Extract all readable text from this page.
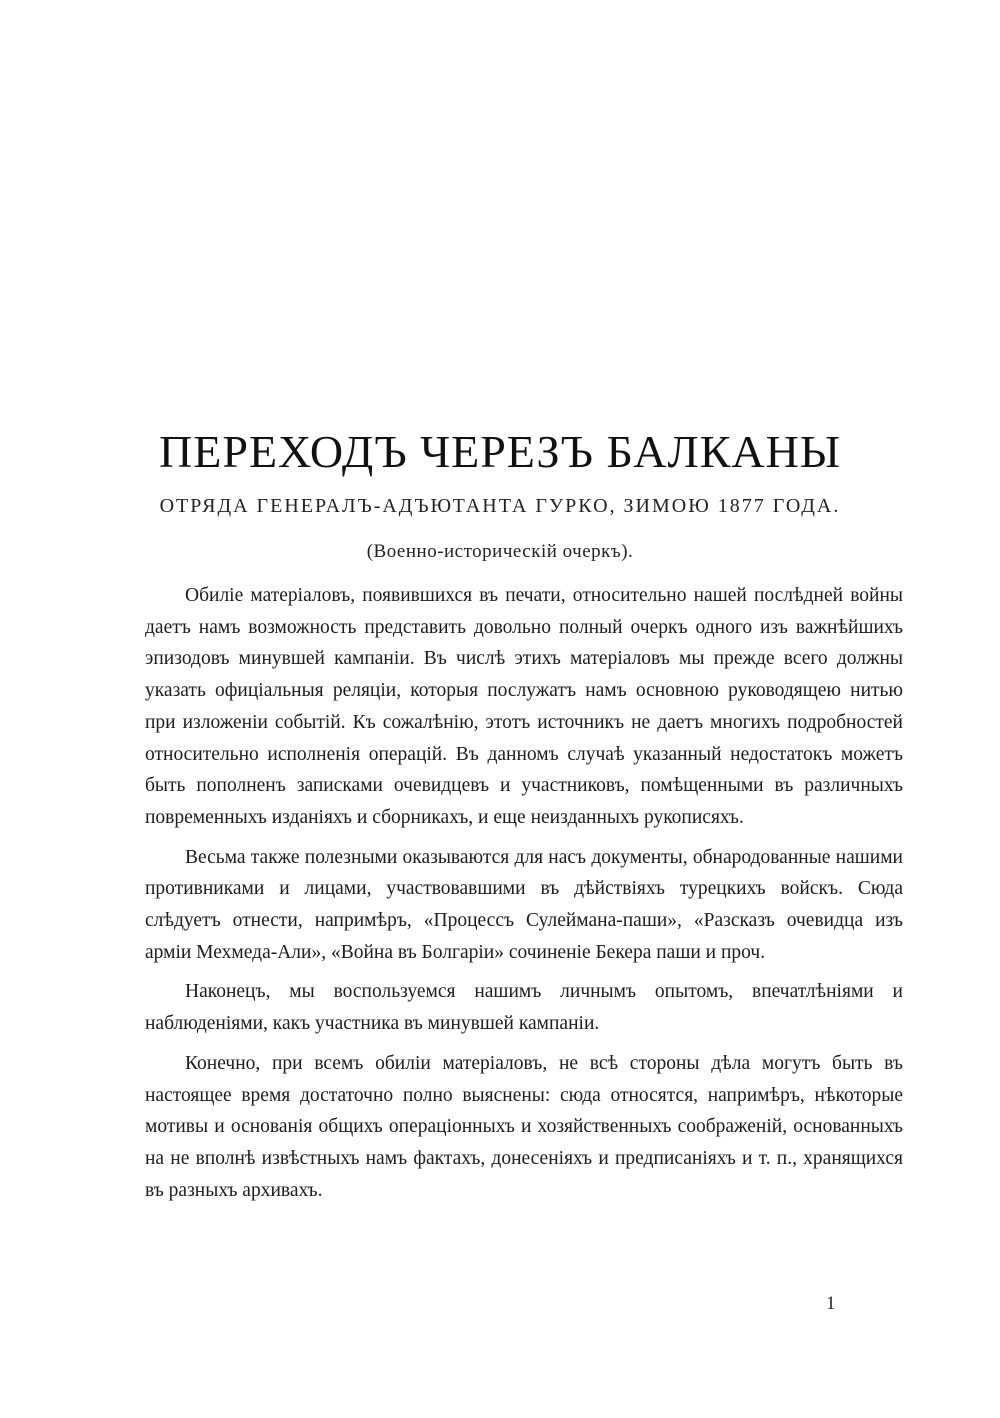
ПЕРЕХОДЪ ЧЕРЕЗЪ БАЛКАНЫ
ОТРЯДА ГЕНЕРАЛЪ-АДЪЮТАНТА ГУРКО, ЗИМОЮ 1877 ГОДА.
(Военно-историческій очеркъ).

Обиліе матеріаловъ, появившихся въ печати, относительно нашей послѣдней войны даетъ намъ возможность представить довольно полный очеркъ одного изъ важнѣйшихъ эпизодовъ минувшей кампаніи. Въ числѣ этихъ матеріаловъ мы прежде всего должны указать офиціальныя реляціи, которыя послужатъ намъ основною руководящею нитью при изложеніи событій. Къ сожалѣнію, этотъ источникъ не даетъ многихъ подробностей относительно исполненія операцій. Въ данномъ случаѣ указанный недостатокъ можетъ быть пополненъ записками очевидцевъ и участниковъ, помѣщенными въ различныхъ повременныхъ изданіяхъ и сборникахъ, и еще неизданныхъ рукописяхъ.

Весьма также полезными оказываются для насъ документы, обнародованные нашими противниками и лицами, участвовавшими въ дѣйствіяхъ турецкихъ войскъ. Сюда слѣдуетъ отнести, напримѣръ, «Процессъ Сулеймана-паши», «Разсказъ очевидца изъ арміи Мехмеда-Али», «Война въ Болгаріи» сочиненіе Бекера паши и проч.

Наконецъ, мы воспользуемся нашимъ личнымъ опытомъ, впечатлѣніями и наблюденіями, какъ участника въ минувшей кампаніи.

Конечно, при всемъ обиліи матеріаловъ, не всѣ стороны дѣла могутъ быть въ настоящее время достаточно полно выяснены: сюда относятся, напримѣръ, нѣкоторые мотивы и основанія общихъ операціонныхъ и хозяйственныхъ соображеній, основанныхъ на не вполнѣ извѣстныхъ намъ фактахъ, донесеніяхъ и предписаніяхъ и т. п., хранящихся въ разныхъ архивахъ.

1
